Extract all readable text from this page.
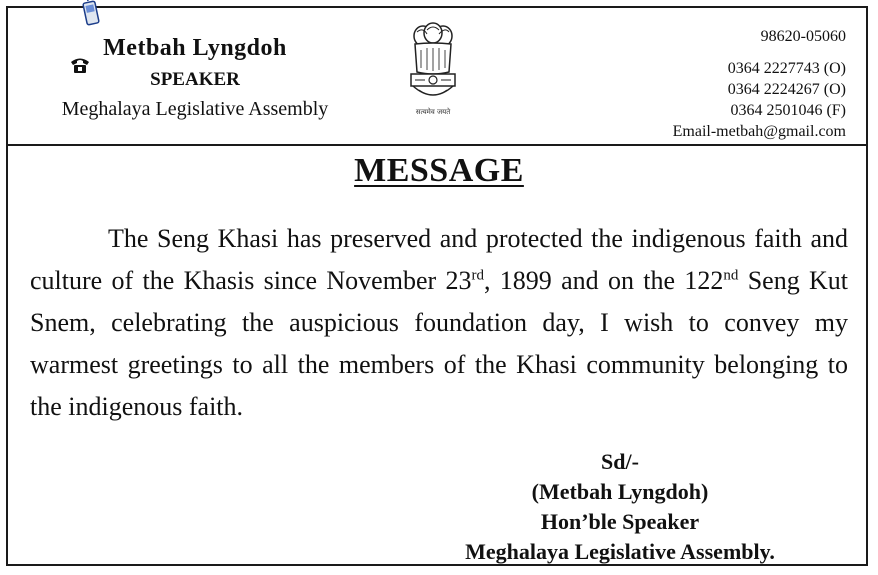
Metbah Lyngdoh
SPEAKER
Meghalaya Legislative Assembly	सत्यमेव जयते
98620-05060
0364 2227743 (O)
0364 2224267 (O)
0364 2501046 (F)
Email-metbah@gmail.com
MESSAGE
The Seng Khasi has preserved and protected the indigenous faith and culture of the Khasis since November 23rd, 1899 and on the 122nd Seng Kut Snem, celebrating the auspicious foundation day, I wish to convey my warmest greetings to all the members of the Khasi community belonging to the indigenous faith.
Sd/-
(Metbah Lyngdoh)
Hon’ble Speaker
Meghalaya Legislative Assembly.
